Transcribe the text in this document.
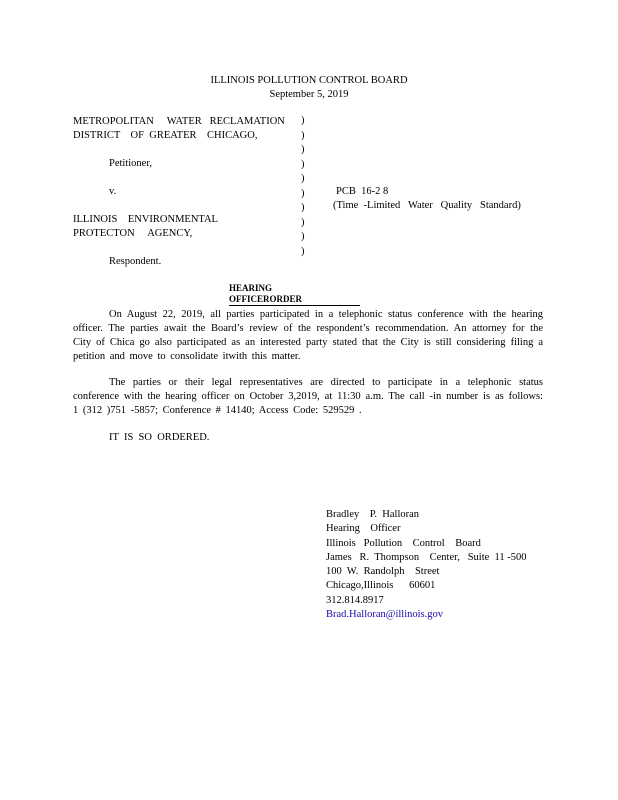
ILLINOIS POLLUTION CONTROL BOARD
September 5, 2019
METROPOLITAN     WATER   RECLAMATION
DISTRICT    OF  GREATER    CHICAGO,
Petitioner,
v.
ILLINOIS    ENVIRONMENTAL
PROTECTON     AGENCY,
Respondent.
)
)
)
)
)
)
)
)
)
)
PCB  16-2 8
(Time  -Limited   Water   Quality   Standard)
HEARING OFFICERORDER

On August 22, 2019, all parties participated in a telephonic status conference with the hearing officer. The parties await the Board’s review of the respondent’s recommendation. An attorney for the City of Chica go also participated as an interested party stated that the City is still considering filing a petition and move to consolidate itwith this matter.

The parties or their legal representatives are directed to participate in a telephonic status conference with the hearing officer on October 3,2019, at 11:30 a.m. The call -in number is as follows: 1 (312 )751 -5857; Conference # 14140; Access Code: 529529 .

IT  IS  SO  ORDERED.
Bradley    P.  Halloran
Hearing    Officer
Illinois   Pollution    Control    Board
James   R.  Thompson    Center,   Suite  11 -500
100  W.  Randolph    Street
Chicago,Illinois      60601
312.814.8917
Brad.Halloran@illinois.gov
